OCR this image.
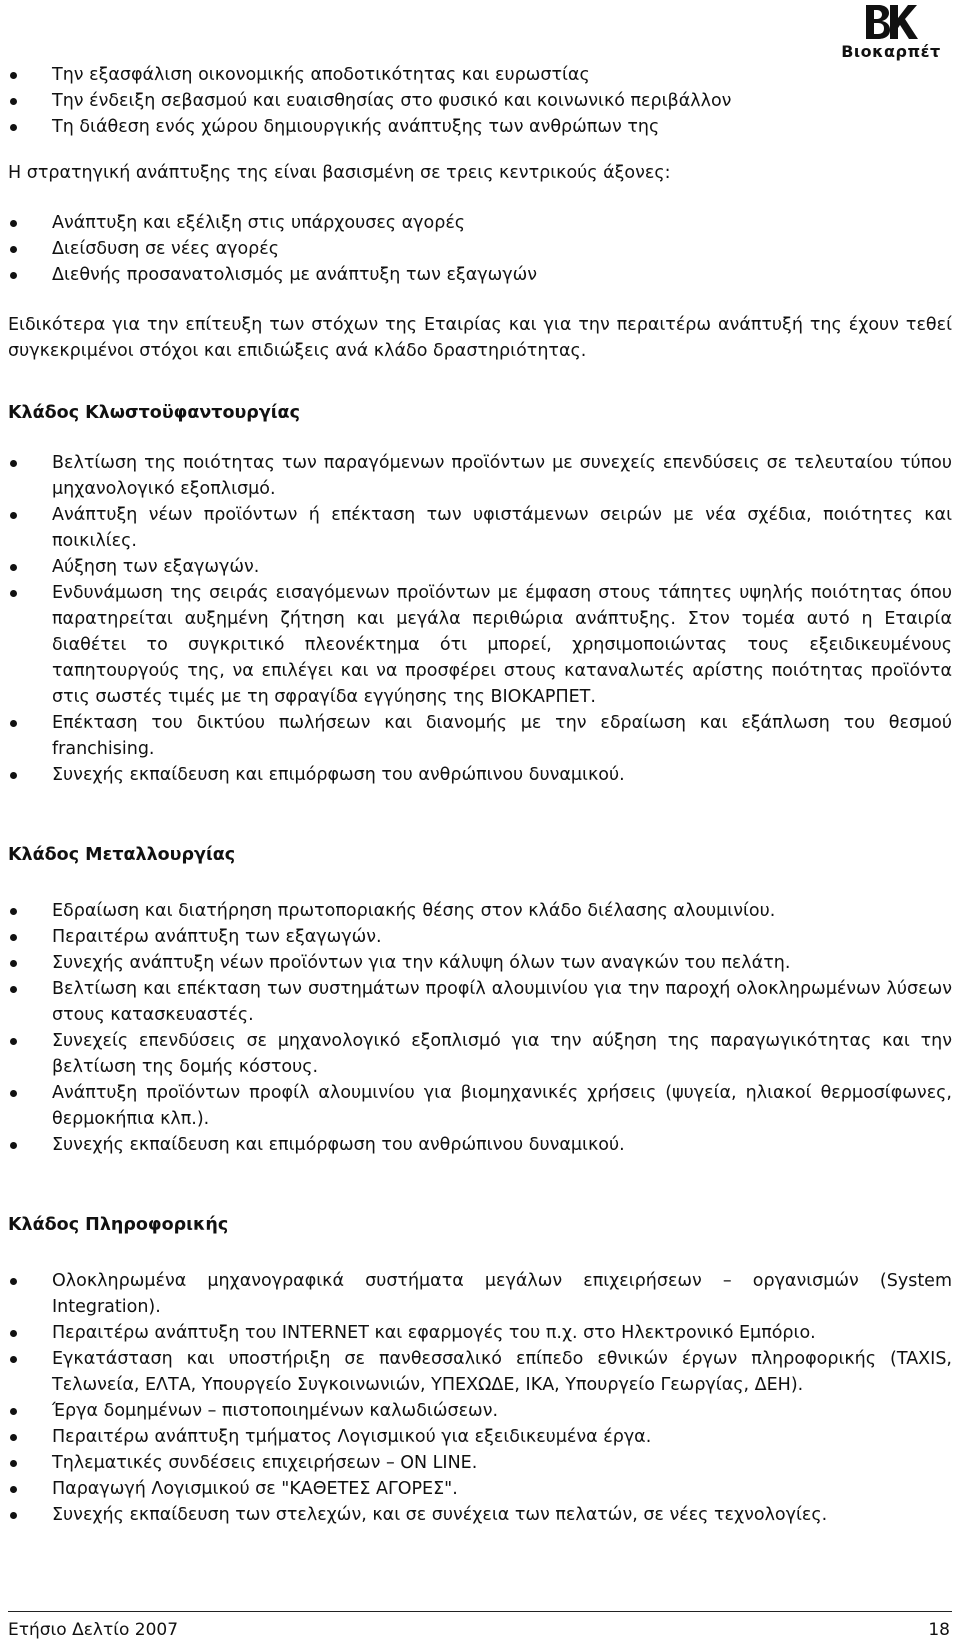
Βιοκαρπέτ
Την εξασφάλιση οικονομικής αποδοτικότητας και ευρωστίας
Την ένδειξη σεβασμού και ευαισθησίας στο φυσικό και κοινωνικό περιβάλλον
Τη διάθεση ενός χώρου δημιουργικής ανάπτυξης των ανθρώπων της

Η στρατηγική ανάπτυξης της είναι βασισμένη σε τρεις κεντρικούς άξονες:

Ανάπτυξη και εξέλιξη στις υπάρχουσες αγορές
Διείσδυση σε νέες αγορές
Διεθνής προσανατολισμός με ανάπτυξη των εξαγωγών

Ειδικότερα για την επίτευξη των στόχων της Εταιρίας και για την περαιτέρω ανάπτυξή της έχουν τεθεί συγκεκριμένοι στόχοι και επιδιώξεις ανά κλάδο δραστηριότητας.

Κλάδος Κλωστοϋφαντουργίας
Βελτίωση της ποιότητας των παραγόμενων προϊόντων με συνεχείς επενδύσεις σε τελευταίου τύπου μηχανολογικό εξοπλισμό.
Ανάπτυξη νέων προϊόντων ή επέκταση των υφιστάμενων σειρών με νέα σχέδια, ποιότητες και ποικιλίες.
Αύξηση των εξαγωγών.
Ενδυνάμωση της σειράς εισαγόμενων προϊόντων με έμφαση στους τάπητες υψηλής ποιότητας όπου παρατηρείται αυξημένη ζήτηση και μεγάλα περιθώρια ανάπτυξης. Στον τομέα αυτό η Εταιρία διαθέτει το συγκριτικό πλεονέκτημα ότι μπορεί, χρησιμοποιώντας τους εξειδικευμένους ταπητουργούς της, να επιλέγει και να προσφέρει στους καταναλωτές αρίστης ποιότητας προϊόντα στις σωστές τιμές με τη σφραγίδα εγγύησης της ΒΙΟΚΑΡΠΕΤ.
Επέκταση του δικτύου πωλήσεων και διανομής με την εδραίωση και εξάπλωση του θεσμού franchising.
Συνεχής εκπαίδευση και επιμόρφωση του ανθρώπινου δυναμικού.
Κλάδος Μεταλλουργίας
Εδραίωση και διατήρηση πρωτοποριακής θέσης στον κλάδο διέλασης αλουμινίου.
Περαιτέρω ανάπτυξη των εξαγωγών.
Συνεχής ανάπτυξη νέων προϊόντων για την κάλυψη όλων των αναγκών του πελάτη.
Βελτίωση και επέκταση των συστημάτων προφίλ αλουμινίου για την παροχή ολοκληρωμένων λύσεων στους κατασκευαστές.
Συνεχείς επενδύσεις σε μηχανολογικό εξοπλισμό για την αύξηση της παραγωγικότητας και την βελτίωση της δομής κόστους.
Ανάπτυξη προϊόντων προφίλ αλουμινίου για βιομηχανικές χρήσεις (ψυγεία, ηλιακοί θερμοσίφωνες, θερμοκήπια κλπ.).
Συνεχής εκπαίδευση και επιμόρφωση του ανθρώπινου δυναμικού.
Κλάδος Πληροφορικής
Ολοκληρωμένα μηχανογραφικά συστήματα μεγάλων επιχειρήσεων – οργανισμών (System Integration).
Περαιτέρω ανάπτυξη του INTERNET και εφαρμογές του π.χ. στο Ηλεκτρονικό Εμπόριο.
Εγκατάσταση και υποστήριξη σε πανθεσσαλικό επίπεδο εθνικών έργων πληροφορικής (TAXIS, Τελωνεία, ΕΛΤΑ, Υπουργείο Συγκοινωνιών, ΥΠΕΧΩΔΕ, ΙΚΑ, Υπουργείο Γεωργίας, ΔΕΗ).
Έργα δομημένων – πιστοποιημένων καλωδιώσεων.
Περαιτέρω ανάπτυξη τμήματος Λογισμικού για εξειδικευμένα έργα.
Τηλεματικές συνδέσεις επιχειρήσεων – ON LINE.
Παραγωγή Λογισμικού σε "ΚΑΘΕΤΕΣ ΑΓΟΡΕΣ".
Συνεχής εκπαίδευση των στελεχών, και σε συνέχεια των πελατών, σε νέες τεχνολογίες.
Ετήσιο Δελτίο 2007	18
